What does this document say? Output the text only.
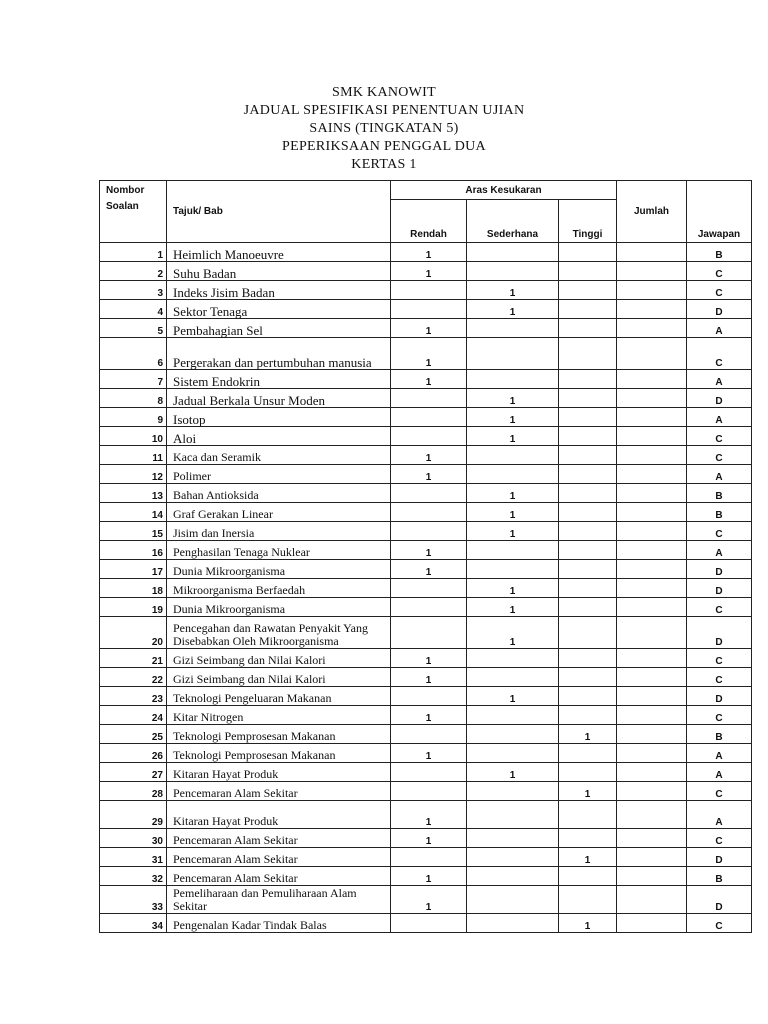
SMK KANOWIT
JADUAL SPESIFIKASI PENENTUAN UJIAN
SAINS (TINGKATAN 5)
PEPERIKSAAN PENGGAL DUA
KERTAS 1
Nombor
Soalan	Tajuk/ Bab	Aras Kesukaran			Jumlah	Jawapan
		Rendah	Sederhana	Tinggi		
1	Heimlich Manoeuvre	1				B
2	Suhu Badan	1				C
3	Indeks Jisim Badan		1			C
4	Sektor Tenaga		1			D
5	Pembahagian Sel	1				A
6	Pergerakan dan pertumbuhan manusia	1				C
7	Sistem Endokrin	1				A
8	Jadual Berkala Unsur Moden		1			D
9	Isotop		1			A
10	Aloi		1			C
11	Kaca dan Seramik	1				C
12	Polimer	1				A
13	Bahan Antioksida		1			B
14	Graf Gerakan Linear		1			B
15	Jisim dan Inersia		1			C
16	Penghasilan Tenaga Nuklear	1				A
17	Dunia Mikroorganisma	1				D
18	Mikroorganisma Berfaedah		1			D
19	Dunia Mikroorganisma		1			C
20	Pencegahan dan Rawatan Penyakit Yang Disebabkan Oleh Mikroorganisma		1			D
21	Gizi Seimbang dan Nilai Kalori	1				C
22	Gizi Seimbang dan Nilai Kalori	1				C
23	Teknologi Pengeluaran Makanan		1			D
24	Kitar Nitrogen	1				C
25	Teknologi Pemprosesan Makanan			1		B
26	Teknologi Pemprosesan Makanan	1				A
27	Kitaran Hayat Produk		1			A
28	Pencemaran Alam Sekitar			1		C
29	Kitaran Hayat Produk	1				A
30	Pencemaran Alam Sekitar	1				C
31	Pencemaran Alam Sekitar			1		D
32	Pencemaran Alam Sekitar	1				B
33	Pemeliharaan dan Pemuliharaan Alam Sekitar	1				D
34	Pengenalan Kadar Tindak Balas			1		C
